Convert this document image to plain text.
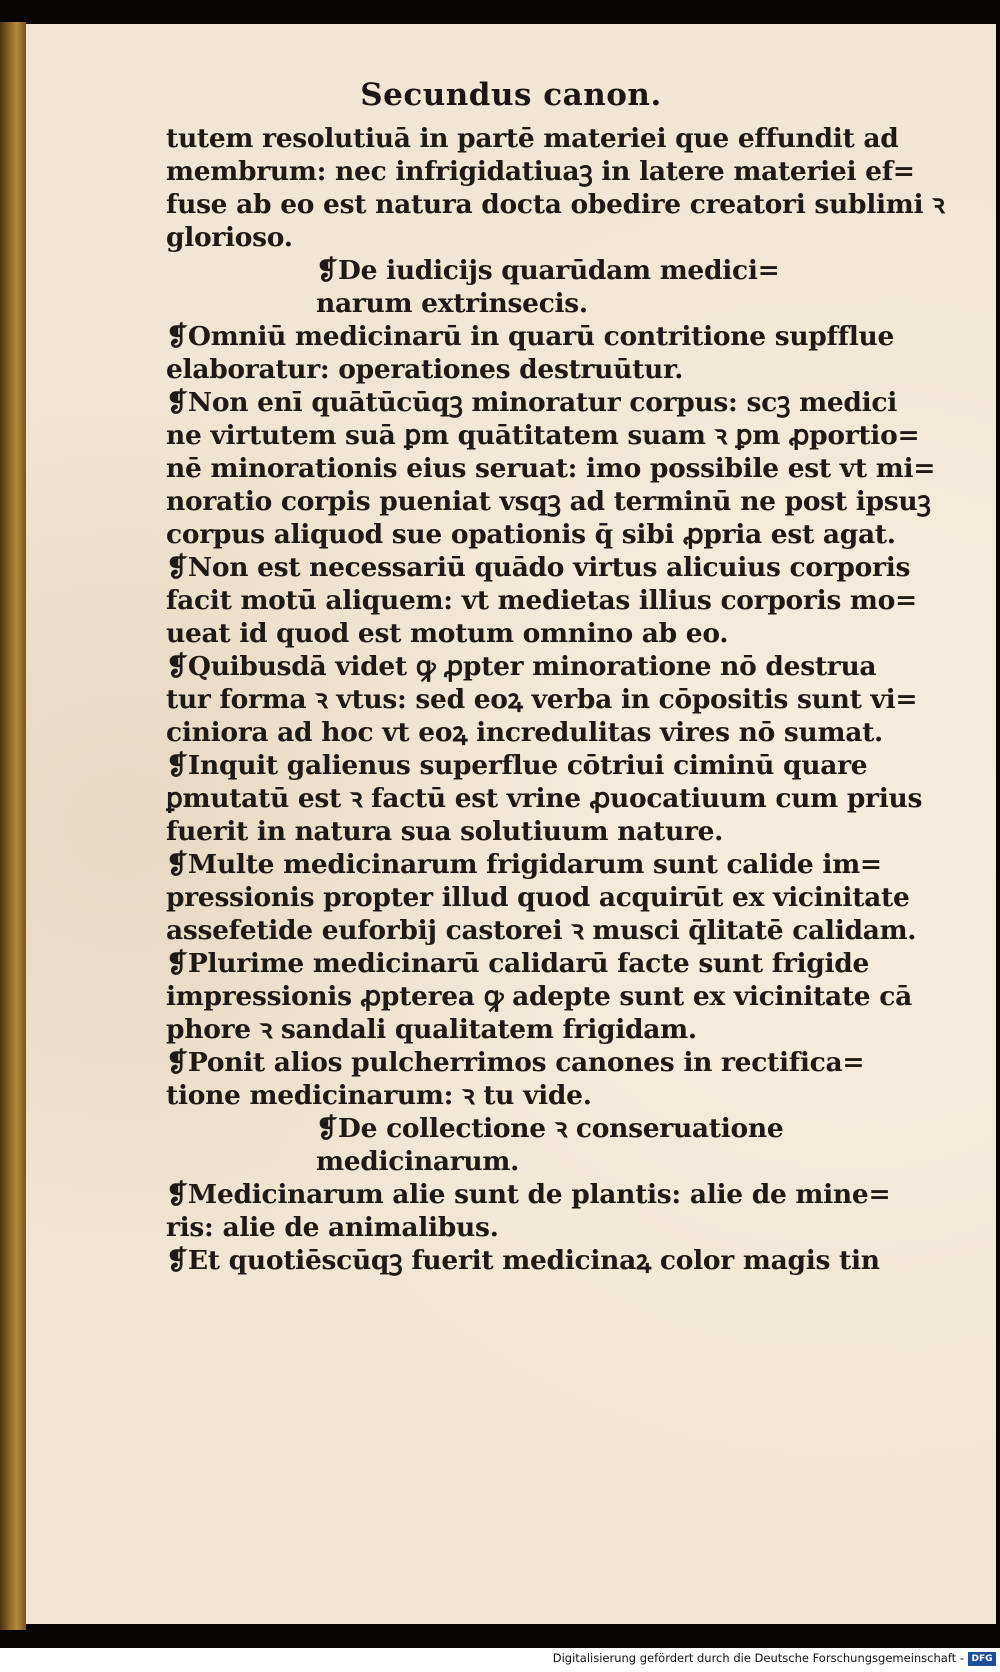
Secundus canon.
tutem resolutiuā in partē materiei que effundit ad
membrum: nec infrigidatiuaꝫ in latere materiei ef=
fuse ab eo est natura docta obedire creatori sublimi ꝛ
glorioso.
❡De iudicijs quarūdam medici=
narum extrinsecis.
❡Omniū medicinarū in quarū contritione supfflue
elaboratur: operationes destruūtur.
❡Non enī quātūcūqꝫ minoratur corpus: scꝫ medici
ne virtutem suā ꝑm quātitatem suam ꝛ ꝑm ꝓportio=
nē minorationis eius seruat: imo possibile est vt mi=
noratio corpis pueniat vsqꝫ ad terminū ne post ipsuꝫ
corpus aliquod sue opationis q̄ sibi ꝓpria est agat.
❡Non est necessariū quādo virtus alicuius corporis
facit motū aliquem: vt medietas illius corporis mo=
ueat id quod est motum omnino ab eo.
❡Quibusdā videt ꝙ ꝓpter minoratione nō destrua
tur forma ꝛ vtus: sed eoꝝ verba in cōpositis sunt vi=
ciniora ad hoc vt eoꝝ incredulitas vires nō sumat.
❡Inquit galienus superflue cōtriui ciminū quare
ꝑmutatū est ꝛ factū est vrine ꝓuocatiuum cum prius
fuerit in natura sua solutiuum nature.
❡Multe medicinarum frigidarum sunt calide im=
pressionis propter illud quod acquirūt ex vicinitate
assefetide euforbij castorei ꝛ musci q̄litatē calidam.
❡Plurime medicinarū calidarū facte sunt frigide
impressionis ꝓpterea ꝙ adepte sunt ex vicinitate cā
phore ꝛ sandali qualitatem frigidam.
❡Ponit alios pulcherrimos canones in rectifica=
tione medicinarum: ꝛ tu vide.
❡De collectione ꝛ conseruatione
medicinarum.
❡Medicinarum alie sunt de plantis: alie de mine=
ris: alie de animalibus.
❡Et quotiēscūqꝫ fuerit medicinaꝝ color magis tin
Digitalisierung gefördert durch die Deutsche Forschungsgemeinschaft - DFG
